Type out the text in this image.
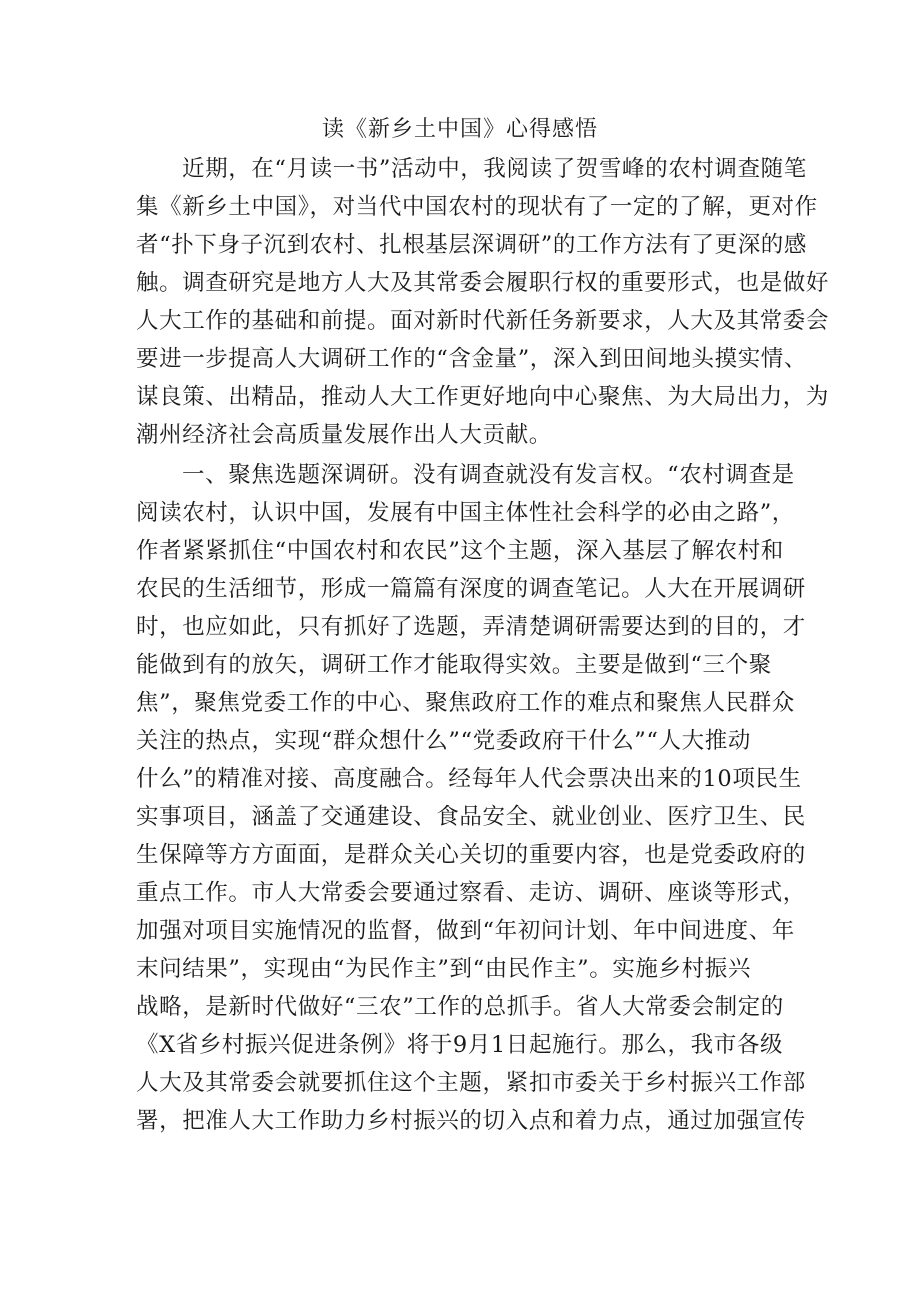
读《新乡土中国》心得感悟
近期，在“月读一书”活动中，我阅读了贺雪峰的农村调查随笔
集《新乡土中国》，对当代中国农村的现状有了一定的了解，更对作
者“扑下身子沉到农村、扎根基层深调研”的工作方法有了更深的感
触。调查研究是地方人大及其常委会履职行权的重要形式，也是做好
人大工作的基础和前提。面对新时代新任务新要求，人大及其常委会
要进一步提高人大调研工作的“含金量”，深入到田间地头摸实情、
谋良策、出精品，推动人大工作更好地向中心聚焦、为大局出力，为
潮州经济社会高质量发展作出人大贡献。
一、聚焦选题深调研。没有调查就没有发言权。“农村调查是
阅读农村，认识中国，发展有中国主体性社会科学的必由之路”，
作者紧紧抓住“中国农村和农民”这个主题，深入基层了解农村和
农民的生活细节，形成一篇篇有深度的调查笔记。人大在开展调研
时，也应如此，只有抓好了选题，弄清楚调研需要达到的目的，才
能做到有的放矢，调研工作才能取得实效。主要是做到“三个聚
焦”，聚焦党委工作的中心、聚焦政府工作的难点和聚焦人民群众
关注的热点，实现“群众想什么”“党委政府干什么”“人大推动
什么”的精准对接、高度融合。经每年人代会票决出来的10项民生
实事项目，涵盖了交通建设、食品安全、就业创业、医疗卫生、民
生保障等方方面面，是群众关心关切的重要内容，也是党委政府的
重点工作。市人大常委会要通过察看、走访、调研、座谈等形式，
加强对项目实施情况的监督，做到“年初问计划、年中间进度、年
末问结果”，实现由“为民作主”到“由民作主”。实施乡村振兴
战略，是新时代做好“三农”工作的总抓手。省人大常委会制定的
《X省乡村振兴促进条例》将于9月1日起施行。那么，我市各级
人大及其常委会就要抓住这个主题，紧扣市委关于乡村振兴工作部
署，把准人大工作助力乡村振兴的切入点和着力点，通过加强宣传
